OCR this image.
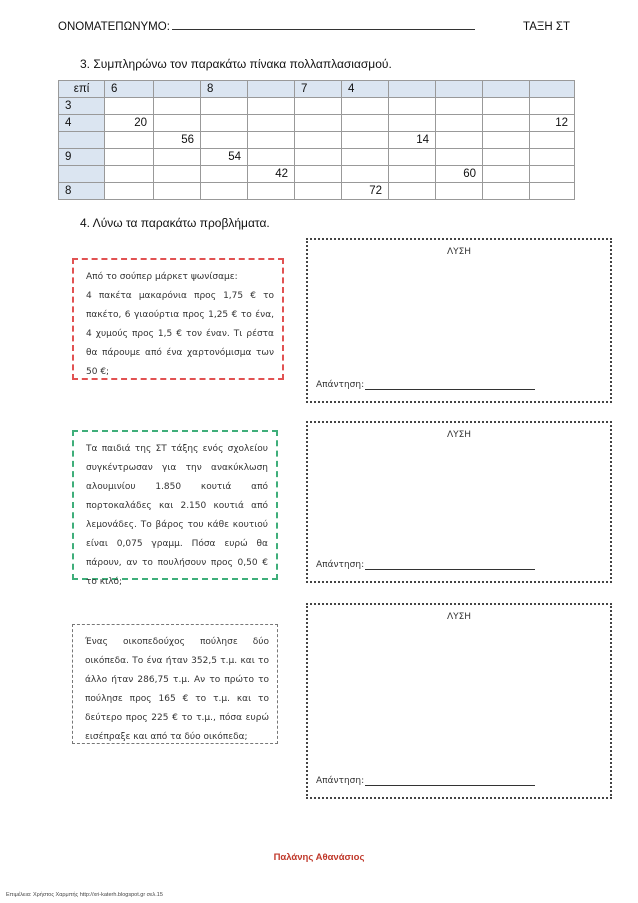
ΟΝΟΜΑΤΕΠΩΝΥΜΟ:	ΤΑΞΗ ΣΤ
3. Συμπληρώνω τον παρακάτω πίνακα πολλαπλασιασμού.
επί	6		8		7	4				
3										
4	20									12
		56					14			
9			54							
				42				60		
8						72				
4. Λύνω τα παρακάτω προβλήματα.

Από το σούπερ μάρκετ ψωνίσαμε:

4 πακέτα μακαρόνια προς 1,75 € το πακέτο, 6 γιαούρτια προς 1,25 € το ένα, 4 χυμούς προς 1,5 € τον έναν. Τι ρέστα θα πάρουμε από ένα χαρτονόμισμα των 50 €;

ΛΥΣΗ
Απάντηση:

Τα παιδιά της ΣΤ τάξης ενός σχολείου συγκέντρωσαν για την ανακύκλωση αλουμινίου 1.850 κουτιά από πορτοκαλάδες και 2.150 κουτιά από λεμονάδες. Το βάρος του κάθε κουτιού είναι 0,075 γραμμ. Πόσα ευρώ θα πάρουν, αν το πουλήσουν προς 0,50 € το κιλό;

ΛΥΣΗ
Απάντηση:

Ένας οικοπεδούχος πούλησε δύο οικόπεδα. Το ένα ήταν 352,5 τ.μ. και το άλλο ήταν 286,75 τ.μ. Αν το πρώτο το πούλησε προς 165 € το τ.μ. και το δεύτερο προς 225 € το τ.μ., πόσα ευρώ εισέπραξε και από τα δύο οικόπεδα;

ΛΥΣΗ
Απάντηση:
Παλάνης Αθανάσιος
Επιμέλεια: Χρήστος Χαρμπής http://xri-katerh.blogspot.gr σελ.15
